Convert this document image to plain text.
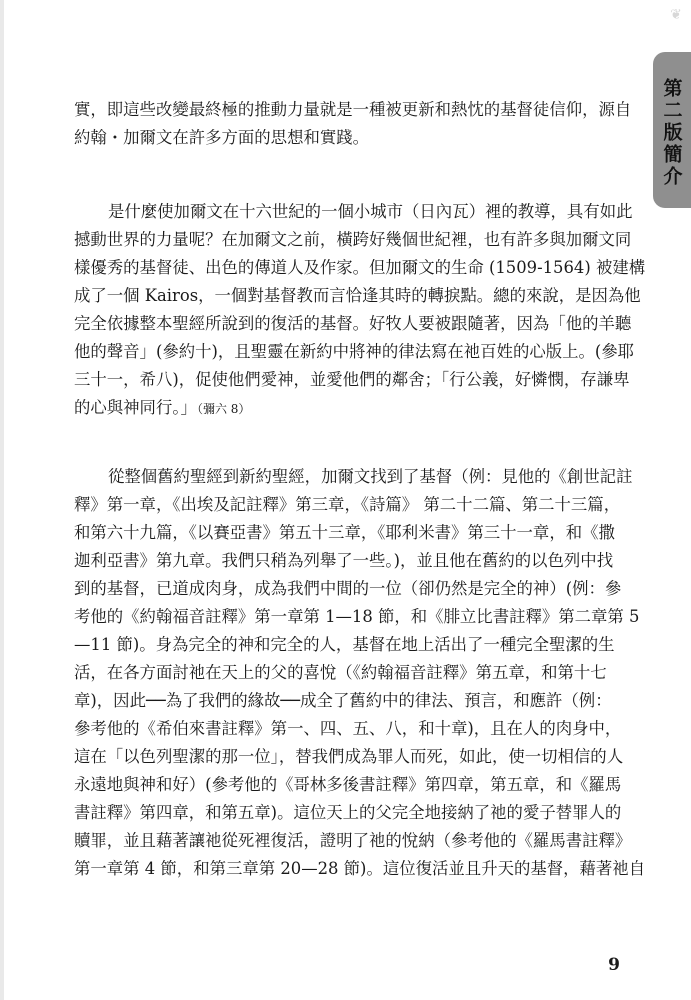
❦
第二版簡介

實，即這些改變最終極的推動力量就是一種被更新和熱忱的基督徒信仰，源自
約翰・加爾文在許多方面的思想和實踐。

是什麼使加爾文在十六世紀的一個小城市（日內瓦）裡的教導，具有如此
撼動世界的力量呢？在加爾文之前，橫跨好幾個世紀裡，也有許多與加爾文同
樣優秀的基督徒、出色的傳道人及作家。但加爾文的生命 (1509-1564) 被建構
成了一個 Kairos，一個對基督教而言恰逢其時的轉捩點。總的來說，是因為他
完全依據整本聖經所說到的復活的基督。好牧人要被跟隨著，因為「他的羊聽
他的聲音」(參約十)，且聖靈在新約中將神的律法寫在祂百姓的心版上。(參耶
三十一，希八)，促使他們愛神，並愛他們的鄰舍；「行公義，好憐憫，存謙卑
的心與神同行。」（彌六 8）

從整個舊約聖經到新約聖經，加爾文找到了基督（例：見他的《創世記註
釋》第一章，《出埃及記註釋》第三章，《詩篇》 第二十二篇、第二十三篇，
和第六十九篇，《以賽亞書》第五十三章，《耶利米書》第三十一章，和《撒
迦利亞書》第九章。我們只稍為列舉了一些。)，並且他在舊約的以色列中找
到的基督，已道成肉身，成為我們中間的一位（卻仍然是完全的神）(例：參
考他的《約翰福音註釋》第一章第 1—18 節，和《腓立比書註釋》第二章第 5
—11 節)。身為完全的神和完全的人，基督在地上活出了一種完全聖潔的生
活，在各方面討祂在天上的父的喜悅（《約翰福音註釋》第五章，和第十七
章)，因此──為了我們的緣故──成全了舊約中的律法、預言，和應許（例：
參考他的《希伯來書註釋》第一、四、五、八，和十章)，且在人的肉身中，
這在「以色列聖潔的那一位」，替我們成為罪人而死，如此，使一切相信的人
永遠地與神和好）(參考他的《哥林多後書註釋》第四章，第五章，和《羅馬
書註釋》第四章，和第五章)。這位天上的父完全地接納了祂的愛子替罪人的
贖罪，並且藉著讓祂從死裡復活，證明了祂的悅納（參考他的《羅馬書註釋》
第一章第 4 節，和第三章第 20—28 節)。這位復活並且升天的基督，藉著祂自

9
